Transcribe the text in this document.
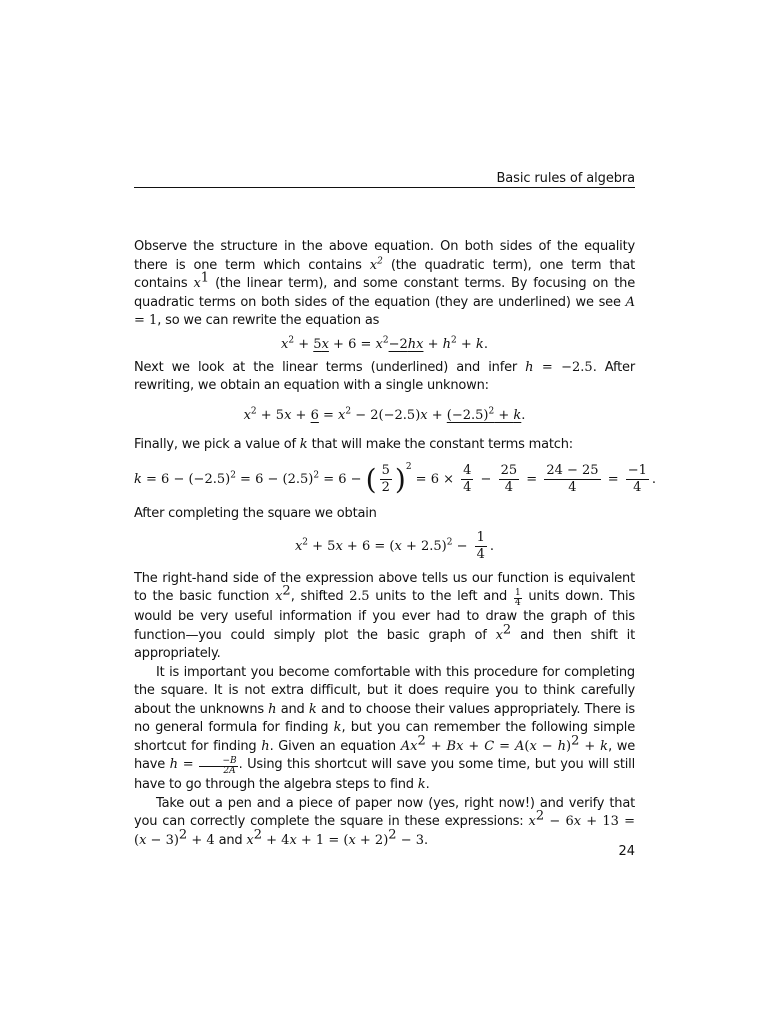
Basic rules of algebra

Observe the structure in the above equation. On both sides of the equality there is one term which contains $x^2$ (the quadratic term), one term that contains $x^1$ (the linear term), and some constant terms. By focusing on the quadratic terms on both sides of the equation (they are underlined) we see A = 1, so we can rewrite the equation as

$x^2 + 5x + 6 = x^2-2hx + h^2 + k$.

Next we look at the linear terms (underlined) and infer h = −2.5. After rewriting, we obtain an equation with a single unknown:

$x^2 + 5x + 6 = x^2 - 2(-2.5)x + (-2.5)^2 + k$.

Finally, we pick a value of k that will make the constant terms match:

$k = 6 - (-2.5)^2 = 6 - (2.5)^2 = 6$ − ( $\frac{5}{2} )^2 = 6 \times \frac{4}{4} - \frac{25}{4} = \frac{24 - 25}{4} = \frac{-1}{4}$ .

After completing the square we obtain

$x^2 + 5x + 6 = (x + 2.5)^2 - \frac{1}{4}$ .

The right-hand side of the expression above tells us our function is equivalent to the basic function $x^2$, shifted 2.5 units to the left and $\frac{1}{4}$ units down. This would be very useful information if you ever had to draw the graph of this function—you could simply plot the basic graph of $x^2$ and then shift it appropriately.

It is important you become comfortable with this procedure for completing the square. It is not extra difficult, but it does require you to think carefully about the unknowns h and k and to choose their values appropriately. There is no general formula for finding k, but you can remember the following simple shortcut for finding h. Given an equation $Ax^2 + Bx + C = A(x - h)^2 + k$, we have $h = \frac{-B}{2A}$ . Using this shortcut will save you some time, but you will still have to go through the algebra steps to find k.

Take out a pen and a piece of paper now (yes, right now!) and verify that you can correctly complete the square in these expressions: $x^2 - 6x + 13 = (x - 3)^2 + 4$ and $x^2 + 4x + 1 = (x + 2)^2 - 3$.

24
